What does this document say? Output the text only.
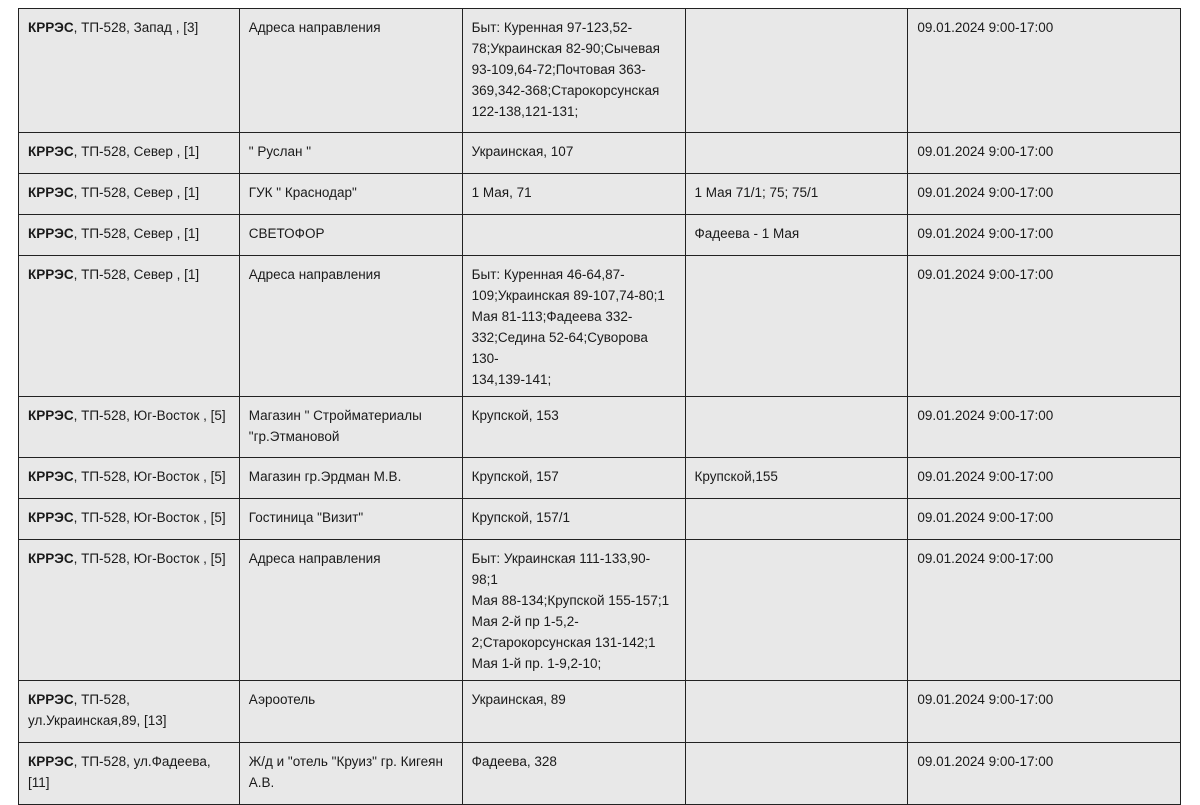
КРРЭС, ТП-528, Запад , [3]	Адреса направления	Быт: Куренная 97-123,52-
78;Украинская 82-90;Сычевая
93-109,64-72;Почтовая 363-
369,342-368;Старокорсунская
122-138,121-131;		09.01.2024 9:00-17:00
КРРЭС, ТП-528, Север , [1]	" Руслан "	Украинская, 107		09.01.2024 9:00-17:00
КРРЭС, ТП-528, Север , [1]	ГУК " Краснодар"	1 Мая, 71	1 Мая 71/1; 75; 75/1	09.01.2024 9:00-17:00
КРРЭС, ТП-528, Север , [1]	СВЕТОФОР		Фадеева - 1 Мая	09.01.2024 9:00-17:00
КРРЭС, ТП-528, Север , [1]	Адреса направления	Быт: Куренная 46-64,87-
109;Украинская 89-107,74-80;1
Мая 81-113;Фадеева 332-
332;Седина 52-64;Суворова 130-
134,139-141;		09.01.2024 9:00-17:00
КРРЭС, ТП-528, Юг-Восток , [5]	Магазин " Стройматериалы
"гр.Этмановой	Крупской, 153		09.01.2024 9:00-17:00
КРРЭС, ТП-528, Юг-Восток , [5]	Магазин гр.Эрдман М.В.	Крупской, 157	Крупской,155	09.01.2024 9:00-17:00
КРРЭС, ТП-528, Юг-Восток , [5]	Гостиница "Визит"	Крупской, 157/1		09.01.2024 9:00-17:00
КРРЭС, ТП-528, Юг-Восток , [5]	Адреса направления	Быт: Украинская 111-133,90-98;1
Мая 88-134;Крупской 155-157;1
Мая 2-й пр 1-5,2-
2;Старокорсунская 131-142;1
Мая 1-й пр. 1-9,2-10;		09.01.2024 9:00-17:00
КРРЭС, ТП-528,
ул.Украинская,89, [13]	Аэроотель	Украинская, 89		09.01.2024 9:00-17:00
КРРЭС, ТП-528, ул.Фадеева, [11]	Ж/д и "отель "Круиз" гр. Кигеян
А.В.	Фадеева, 328		09.01.2024 9:00-17:00
